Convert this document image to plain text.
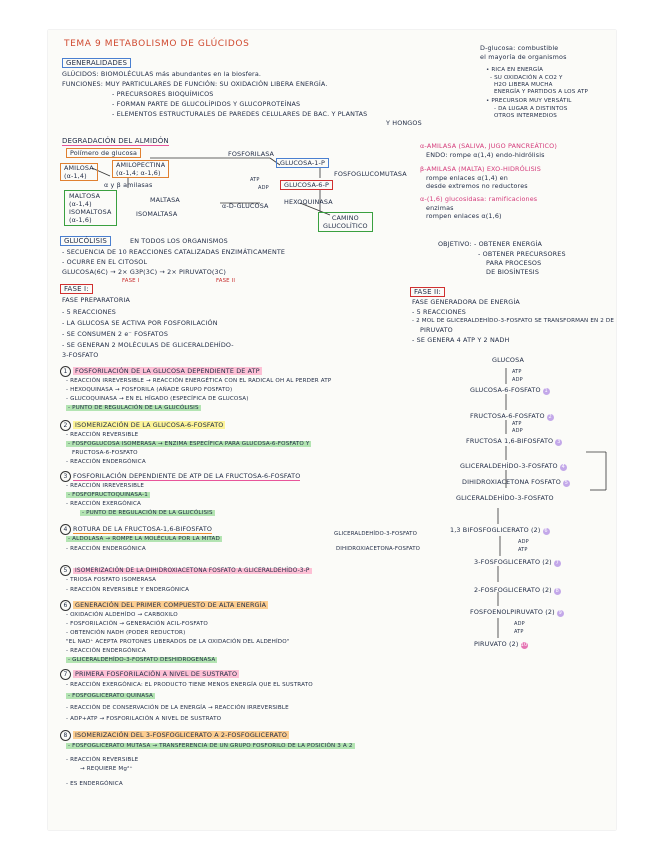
TEMA 9 METABOLISMO DE GLÚCIDOS
GENERALIDADES
GLÚCIDOS: BIOMOLÉCULAS más abundantes en la biosfera.
FUNCIONES: MUY PARTICULARES DE FUNCIÓN: SU OXIDACIÓN LIBERA ENERGÍA.
- PRECURSORES BIOQUÍMICOS
- FORMAN PARTE DE GLUCOLÍPIDOS Y GLUCOPROTEÍNAS
- ELEMENTOS ESTRUCTURALES DE PAREDES CELULARES DE BAC. Y PLANTAS
Y HONGOS
D-glucosa: combustible
el mayoría de organismos
• RICA EN ENERGÍA
- SU OXIDACIÓN A CO2 Y
H2O LIBERA MUCHA
ENERGÍA Y PARTIDOS A LOS ATP
• PRECURSOR MUY VERSÁTIL
- DA LUGAR A DISTINTOS
OTROS INTERMEDIOS
DEGRADACIÓN DEL ALMIDÓN
Polímero de glucosa
AMILOSA
(α-1,4)
AMILOPECTINA
(α-1,4; α-1,6)
FOSFORILASA
GLUCOSA-1-P
GLUCOSA-6-P
FOSFOGLUCOMUTASA
α y β amilasas
MALTOSA
(α-1,4)
ISOMALTOSA
(α-1,6)
MALTASA
ISOMALTASA
α-D-GLUCOSA
ATP
ADP
HEXOQUINASA
CAMINO
GLUCOLÍTICO
α-AMILASA (SALIVA, JUGO PANCREÁTICO)
ENDO: rompe α(1,4) endo-hidrólisis
β-AMILASA (MALTA) EXO-HIDRÓLISIS
rompe enlaces α(1,4) en
desde extremos no reductores
α-(1,6) glucosidasa: ramificaciones
enzimas
rompen enlaces α(1,6)
GLUCÓLISIS	EN TODOS LOS ORGANISMOS
- SECUENCIA DE 10 REACCIONES CATALIZADAS ENZIMÁTICAMENTE
- OCURRE EN EL CITOSOL
GLUCOSA(6C) → 2× G3P(3C) → 2× PIRUVATO(3C)
FASE I	FASE II
OBJETIVO: - OBTENER ENERGÍA
- OBTENER PRECURSORES
PARA PROCESOS
DE BIOSÍNTESIS
FASE I:
FASE PREPARATORIA
- 5 REACCIONES
- LA GLUCOSA SE ACTIVA POR FOSFORILACIÓN
- SE CONSUMEN 2 e⁻ FOSFATOS
- SE GENERAN 2 MOLÉCULAS DE GLICERALDEHÍDO-
3-FOSFATO
FASE II:
FASE GENERADORA DE ENERGÍA
- 5 REACCIONES
- 2 MOL DE GLICERALDEHÍDO-3-FOSFATO SE TRANSFORMAN EN 2 DE
PIRUVATO
- SE GENERA 4 ATP Y 2 NADH
GLUCOSA
ATP
ADP
GLUCOSA-6-FOSFATO 1
FRUCTOSA-6-FOSFATO 2
ATP
ADP
FRUCTOSA 1,6-BIFOSFATO 3
GLICERALDEHÍDO-3-FOSFATO 4
DIHIDROXIACETONA FOSFATO 5
GLICERALDEHÍDO-3-FOSFATO
1,3 BIFOSFOGLICERATO (2) 6
ADP
ATP
3-FOSFOGLICERATO (2) 7
2-FOSFOGLICERATO (2) 8
FOSFOENOLPIRUVATO (2) 9
ADP
ATP
PIRUVATO (2) 10
1 FOSFORILACIÓN DE LA GLUCOSA DEPENDIENTE DE ATP
- REACCIÓN IRREVERSIBLE → REACCIÓN ENERGÉTICA CON EL RADICAL OH AL PERDER ATP
- HEXOQUINASA → FOSFORILA (AÑADE GRUPO FOSFATO)
- GLUCOQUINASA → EN EL HÍGADO (ESPECÍFICA DE GLUCOSA)
- PUNTO DE REGULACIÓN DE LA GLUCÓLISIS
2 ISOMERIZACIÓN DE LA GLUCOSA-6-FOSFATO
- REACCIÓN REVERSIBLE
- FOSFOGLUCOSA ISOMERASA → ENZIMA ESPECÍFICA PARA GLUCOSA-6-FOSFATO Y
FRUCTOSA-6-FOSFATO
- REACCIÓN ENDERGÓNICA
3 FOSFORILACIÓN DEPENDIENTE DE ATP DE LA FRUCTOSA-6-FOSFATO
- REACCIÓN IRREVERSIBLE
- FOSFOFRUCTOQUINASA-1
- REACCIÓN EXERGÓNICA
- PUNTO DE REGULACIÓN DE LA GLUCÓLISIS
4 ROTURA DE LA FRUCTOSA-1,6-BIFOSFATO
- ALDOLASA → ROMPE LA MOLÉCULA POR LA MITAD
- REACCIÓN ENDERGÓNICA
GLICERALDEHÍDO-3-FOSFATO
DIHIDROXIACETONA-FOSFATO
5 ISOMERIZACIÓN DE LA DIHIDROXIACETONA FOSFATO A GLICERALDEHÍDO-3-P
- TRIOSA FOSFATO ISOMERASA
- REACCIÓN REVERSIBLE Y ENDERGÓNICA
6 GENERACIÓN DEL PRIMER COMPUESTO DE ALTA ENERGÍA
- OXIDACIÓN ALDEHÍDO → CARBOXILO
- FOSFORILACIÓN → GENERACIÓN ACIL-FOSFATO
- OBTENCIÓN NADH (PODER REDUCTOR)
"EL NAD⁺ ACEPTA PROTONES LIBERADOS DE LA OXIDACIÓN DEL ALDEHÍDO"
- REACCIÓN ENDERGÓNICA
- GLICERALDEHÍDO-3-FOSFATO DESHIDROGENASA
7 PRIMERA FOSFORILACIÓN A NIVEL DE SUSTRATO
- REACCIÓN EXERGÓNICA: EL PRODUCTO TIENE MENOS ENERGÍA QUE EL SUSTRATO
- FOSFOGLICERATO QUINASA
- REACCIÓN DE CONSERVACIÓN DE LA ENERGÍA → REACCIÓN IRREVERSIBLE
- ADP+ATP → FOSFORILACIÓN A NIVEL DE SUSTRATO
8 ISOMERIZACIÓN DEL 3-FOSFOGLICERATO A 2-FOSFOGLICERATO
- FOSFOGLICERATO MUTASA → TRANSFERENCIA DE UN GRUPO FOSFORILO DE LA POSICIÓN 3 A 2
- REACCIÓN REVERSIBLE
→ REQUIERE Mg²⁺
- ES ENDERGÓNICA
